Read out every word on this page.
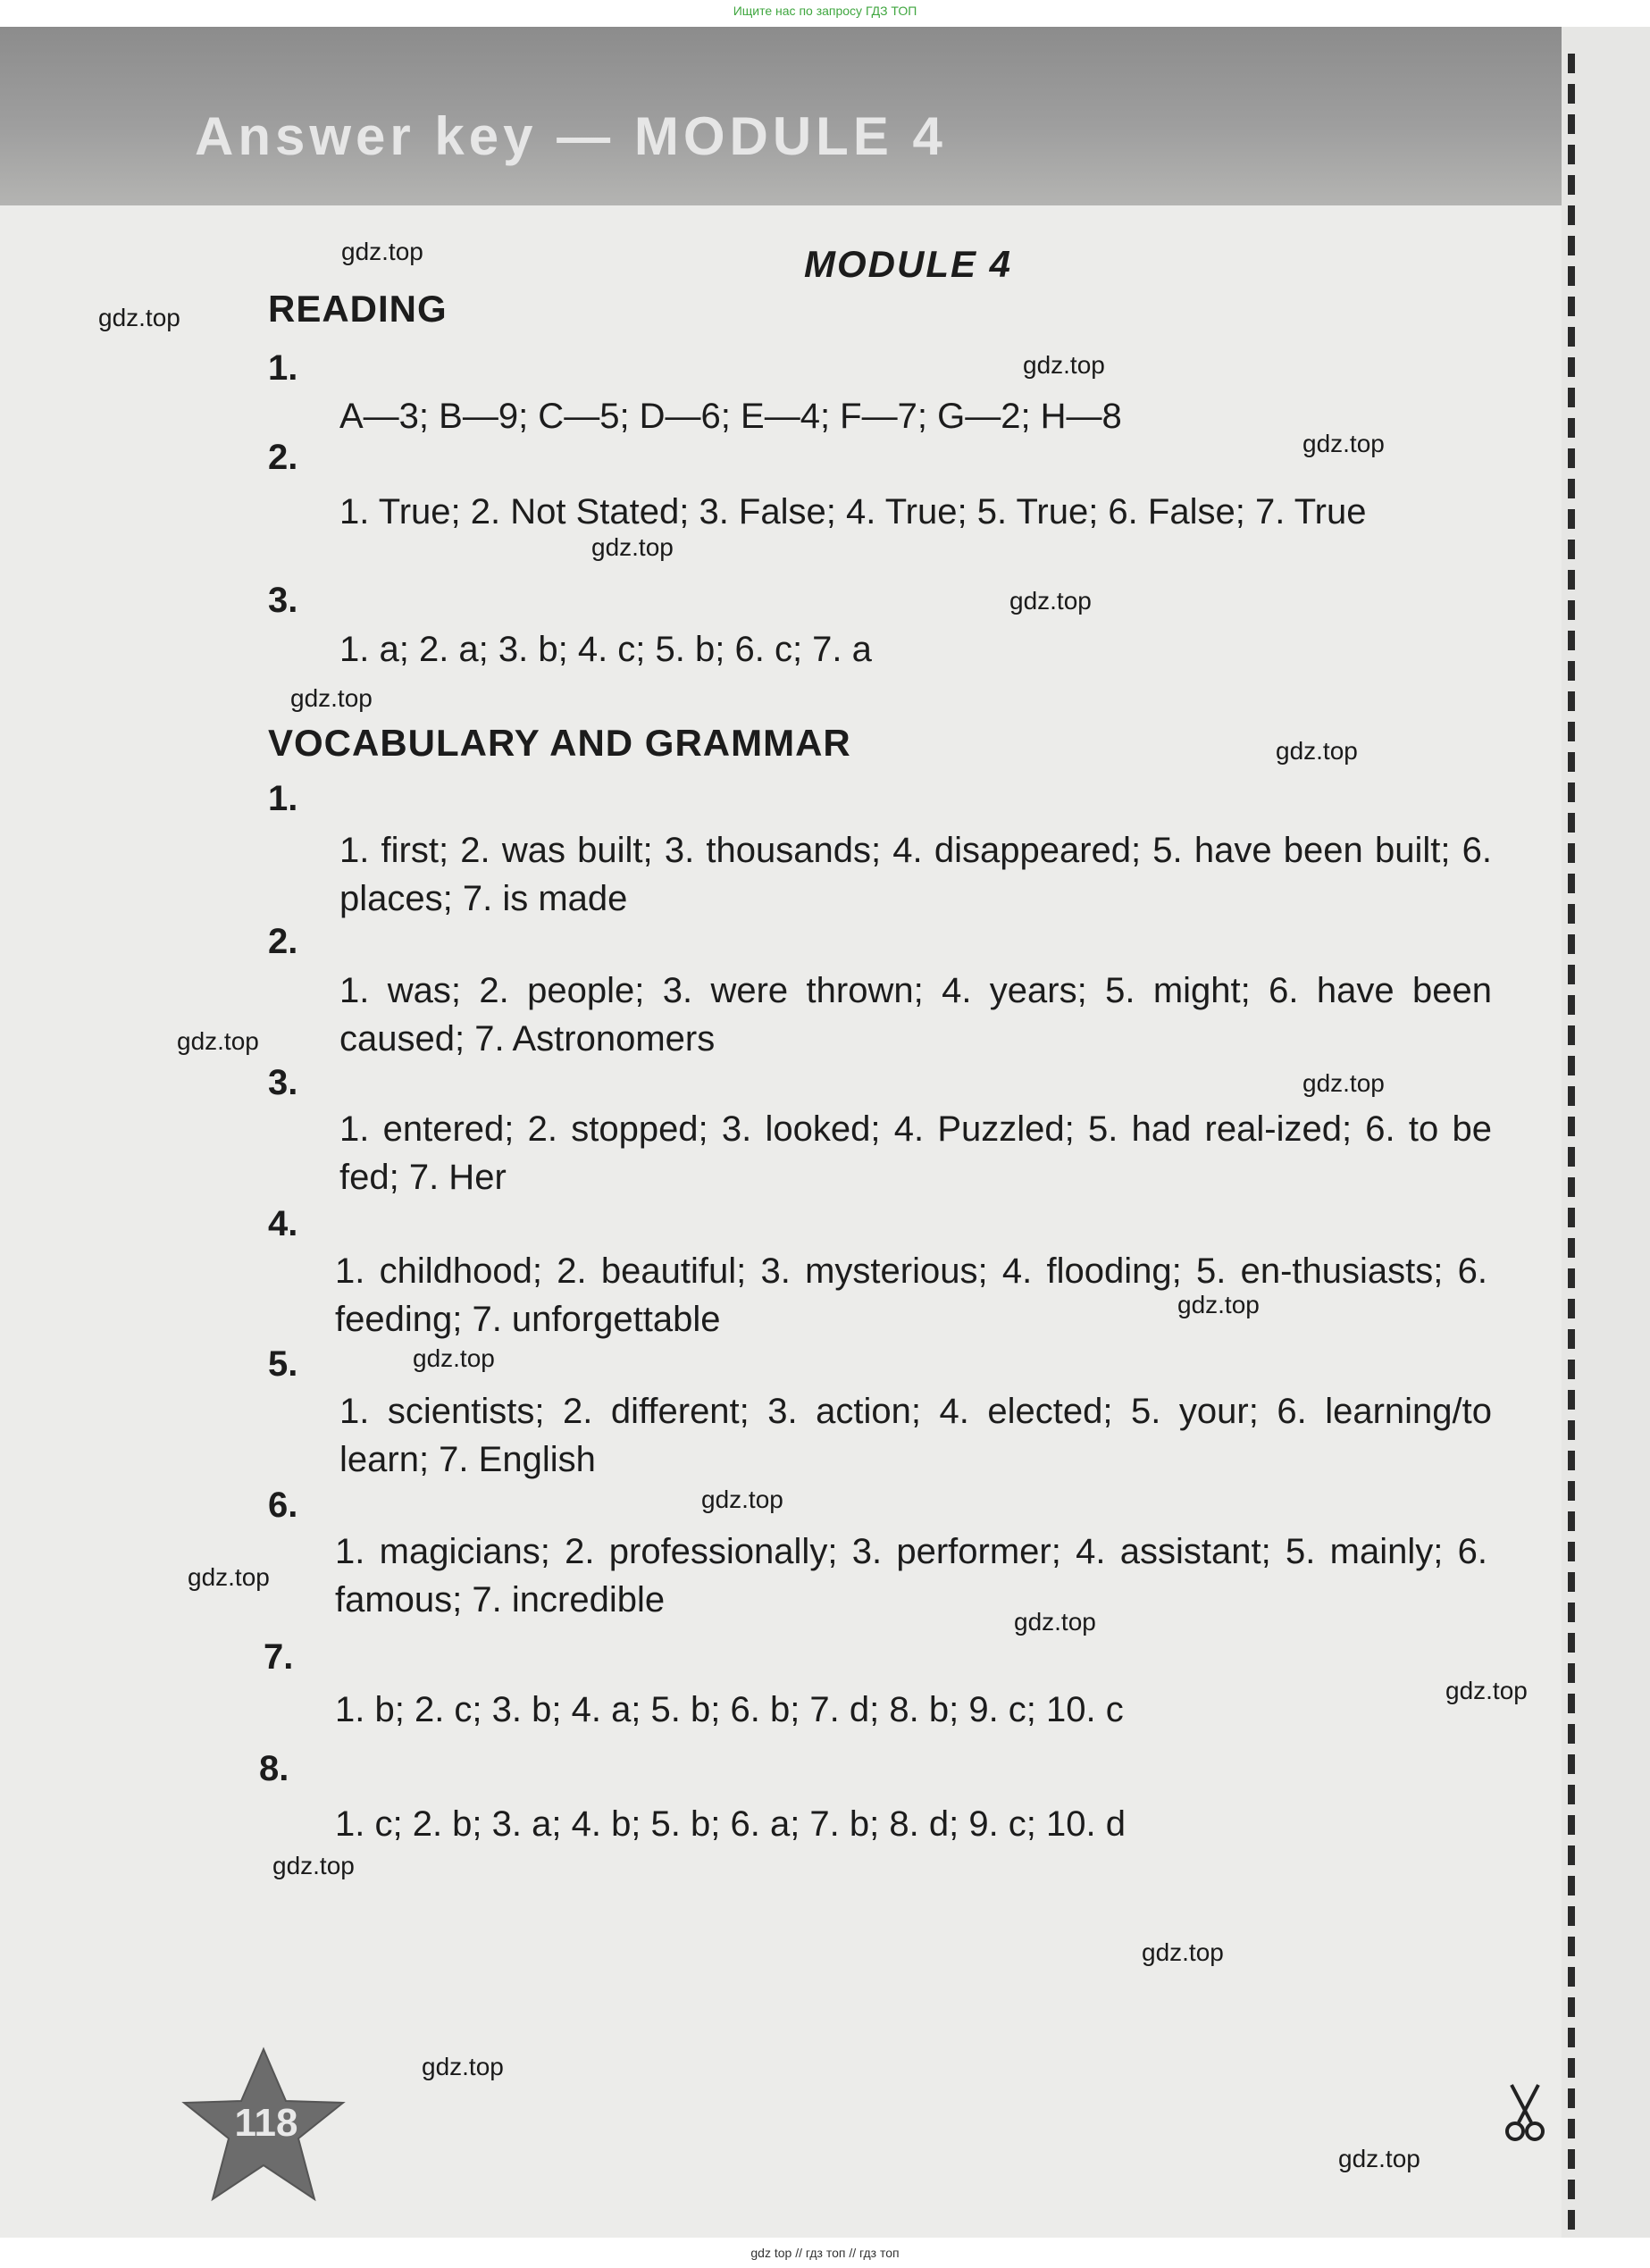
Ищите нас по запросу ГДЗ ТОП
Answer key — MODULE 4
MODULE 4
READING
1.
A—3; B—9; C—5; D—6; E—4; F—7; G—2; H—8
2.
1. True; 2. Not Stated; 3. False; 4. True; 5. True; 6. False; 7. True
3.
1. a; 2. a; 3. b; 4. c; 5. b; 6. c; 7. a
VOCABULARY AND GRAMMAR
1.
1. first; 2. was built; 3. thousands; 4. disappeared; 5. have been built; 6. places; 7. is made
2.
1. was; 2. people; 3. were thrown; 4. years; 5. might; 6. have been caused; 7. Astronomers
3.
1. entered; 2. stopped; 3. looked; 4. Puzzled; 5. had real-ized; 6. to be fed; 7. Her
4.
1. childhood; 2. beautiful; 3. mysterious; 4. flooding; 5. en-thusiasts; 6. feeding; 7. unforgettable
5.
1. scientists; 2. different; 3. action; 4. elected; 5. your; 6. learning/to learn; 7. English
6.
1. magicians; 2. professionally; 3. performer; 4. assistant; 5. mainly; 6. famous; 7. incredible
7.
1. b; 2. c; 3. b; 4. a; 5. b; 6. b; 7. d; 8. b; 9. c; 10. c
8.
1. c; 2. b; 3. a; 4. b; 5. b; 6. a; 7. b; 8. d; 9. c; 10. d
118
gdz.top
gdz.top
gdz.top
gdz.top
gdz.top
gdz.top
gdz.top
gdz.top
gdz.top
gdz.top
gdz.top
gdz.top
gdz.top
gdz.top
gdz.top
gdz.top
gdz.top
gdz.top
gdz.top
gdz.top
gdz top // гдз топ // гдз топ
